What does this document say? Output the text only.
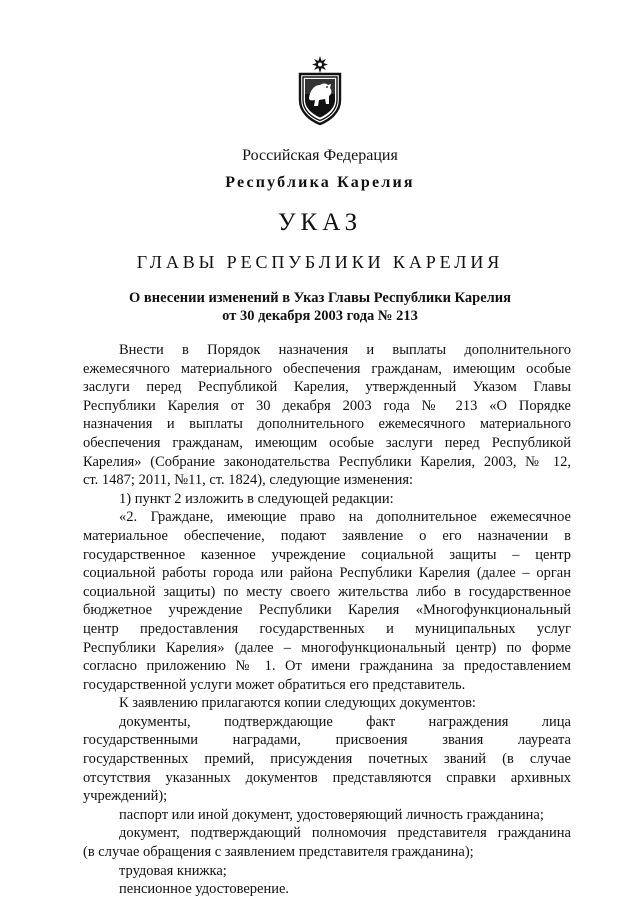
Российская Федерация
Республика Карелия
УКАЗ
ГЛАВЫ РЕСПУБЛИКИ КАРЕЛИЯ
О внесении изменений в Указ Главы Республики Карелия
от 30 декабря 2003 года № 213
Внести в Порядок назначения и выплаты дополнительного
ежемесячного материального обеспечения гражданам, имеющим особые
заслуги перед Республикой Карелия, утвержденный Указом Главы
Республики Карелия от 30 декабря 2003 года № 213 «О Порядке
назначения и выплаты дополнительного ежемесячного материального
обеспечения гражданам, имеющим особые заслуги перед Республикой
Карелия» (Собрание законодательства Республики Карелия, 2003, № 12,
ст. 1487; 2011, №11, ст. 1824), следующие изменения:
1) пункт 2 изложить в следующей редакции:
«2. Граждане, имеющие право на дополнительное ежемесячное
материальное обеспечение, подают заявление о его назначении в
государственное казенное учреждение социальной защиты – центр
социальной работы города или района Республики Карелия (далее – орган
социальной защиты) по месту своего жительства либо в государственное
бюджетное учреждение Республики Карелия «Многофункциональный
центр предоставления государственных и муниципальных услуг
Республики Карелия» (далее – многофункциональный центр) по форме
согласно приложению № 1. От имени гражданина за предоставлением
государственной услуги может обратиться его представитель.
К заявлению прилагаются копии следующих документов:
документы, подтверждающие факт награждения лица
государственными наградами, присвоения звания лауреата
государственных премий, присуждения почетных званий (в случае
отсутствия указанных документов представляются справки архивных
учреждений);
паспорт или иной документ, удостоверяющий личность гражданина;
документ, подтверждающий полномочия представителя гражданина
(в случае обращения с заявлением представителя гражданина);
трудовая книжка;
пенсионное удостоверение.
